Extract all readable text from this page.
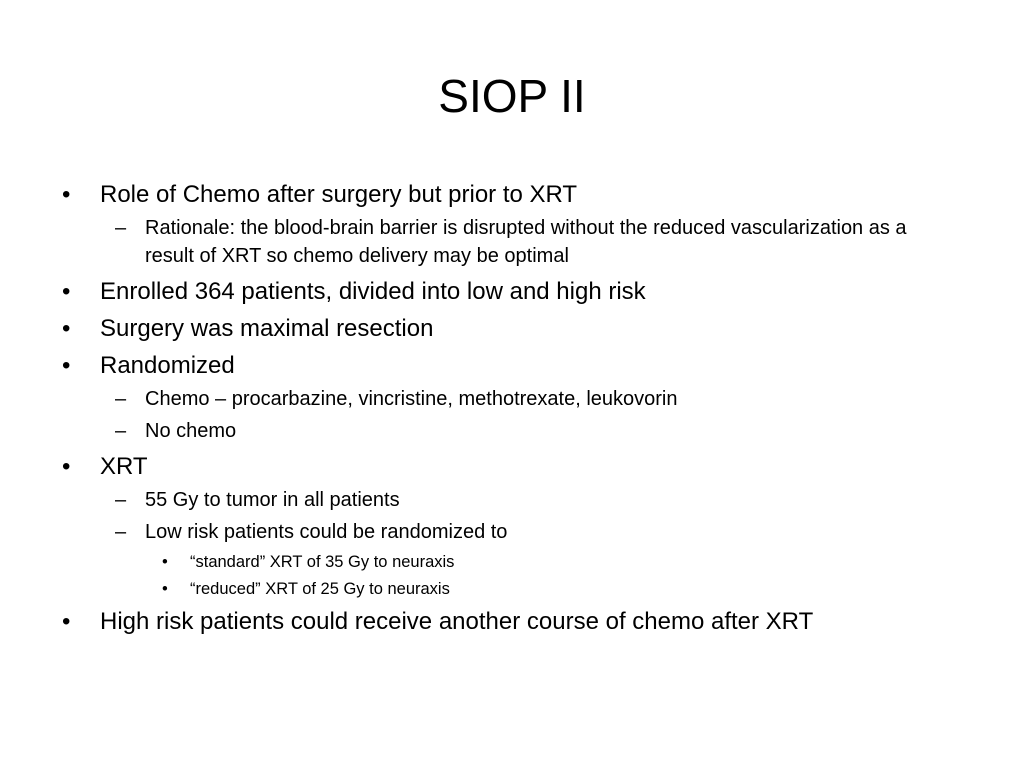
SIOP II
• Role of Chemo after surgery but prior to XRT
– Rationale: the blood-brain barrier is disrupted without the reduced vascularization as a result of XRT so chemo delivery may be optimal
• Enrolled 364 patients, divided into low and high risk
• Surgery was maximal resection
• Randomized
– Chemo – procarbazine, vincristine, methotrexate, leukovorin
– No chemo
• XRT
– 55 Gy to tumor in all patients
– Low risk patients could be randomized to
• “standard” XRT of 35 Gy to neuraxis
• “reduced” XRT of 25 Gy to neuraxis
• High risk patients could receive another course of chemo after XRT
